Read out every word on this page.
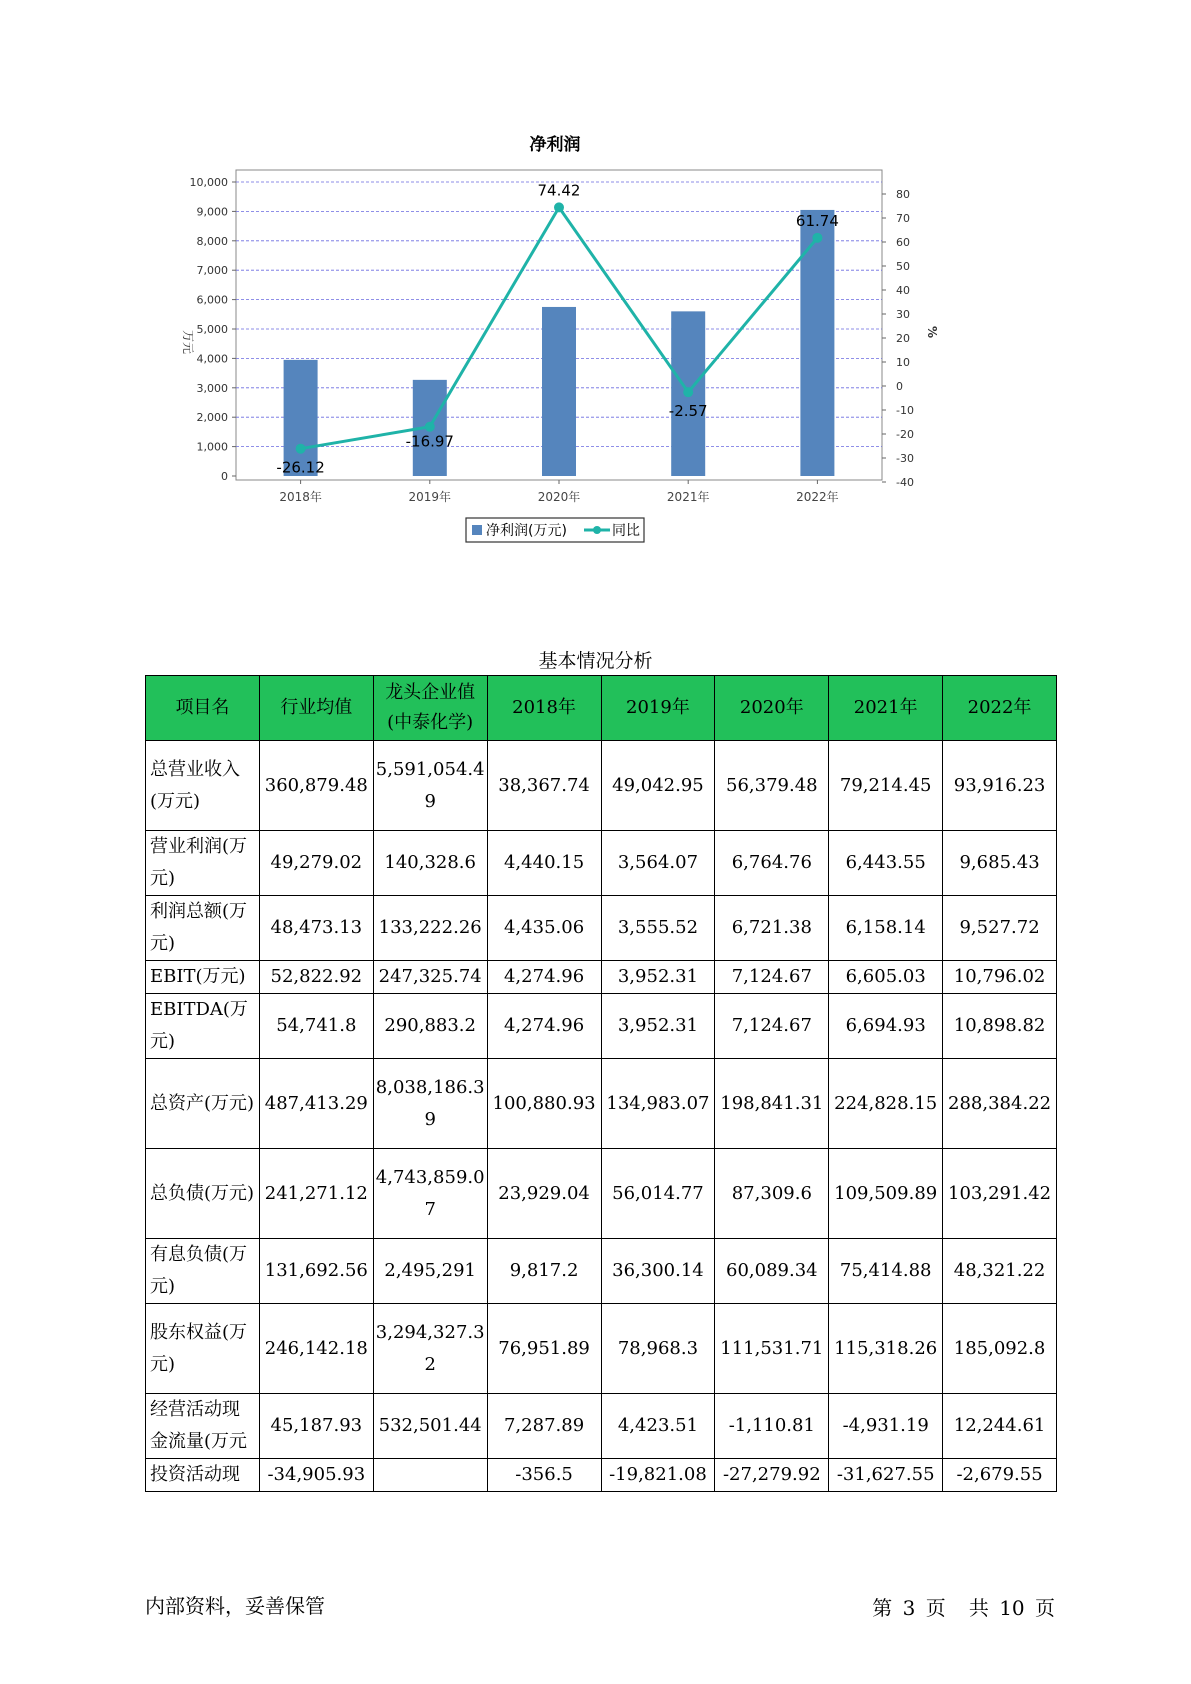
净利润
0
1,000
2,000
3,000
4,000
5,000
6,000
7,000
8,000
9,000
10,000
-40
-30
-20
-10
0
10
20
30
40
50
60
70
80
万元	%
2018年	2019年	2020年	2021年	2022年
-26.12
-16.97
74.42
-2.57
61.74
净利润(万元)	同比
基本情况分析
项目名	行业均值	龙头企业值(中泰化学)	2018年	2019年	2020年	2021年	2022年
总营业收入(万元)	360,879.48	5,591,054.49	38,367.74	49,042.95	56,379.48	79,214.45	93,916.23
营业利润(万元)	49,279.02	140,328.6	4,440.15	3,564.07	6,764.76	6,443.55	9,685.43
利润总额(万元)	48,473.13	133,222.26	4,435.06	3,555.52	6,721.38	6,158.14	9,527.72
EBIT(万元)	52,822.92	247,325.74	4,274.96	3,952.31	7,124.67	6,605.03	10,796.02
EBITDA(万元)	54,741.8	290,883.2	4,274.96	3,952.31	7,124.67	6,694.93	10,898.82
总资产(万元)	487,413.29	8,038,186.39	100,880.93	134,983.07	198,841.31	224,828.15	288,384.22
总负债(万元)	241,271.12	4,743,859.07	23,929.04	56,014.77	87,309.6	109,509.89	103,291.42
有息负债(万元)	131,692.56	2,495,291	9,817.2	36,300.14	60,089.34	75,414.88	48,321.22
股东权益(万元)	246,142.18	3,294,327.32	76,951.89	78,968.3	111,531.71	115,318.26	185,092.8
经营活动现金流量(万元	45,187.93	532,501.44	7,287.89	4,423.51	-1,110.81	-4,931.19	12,244.61
投资活动现	-34,905.93		-356.5	-19,821.08	-27,279.92	-31,627.55	-2,679.55
内部资料，妥善保管	第 3 页 共 10 页
